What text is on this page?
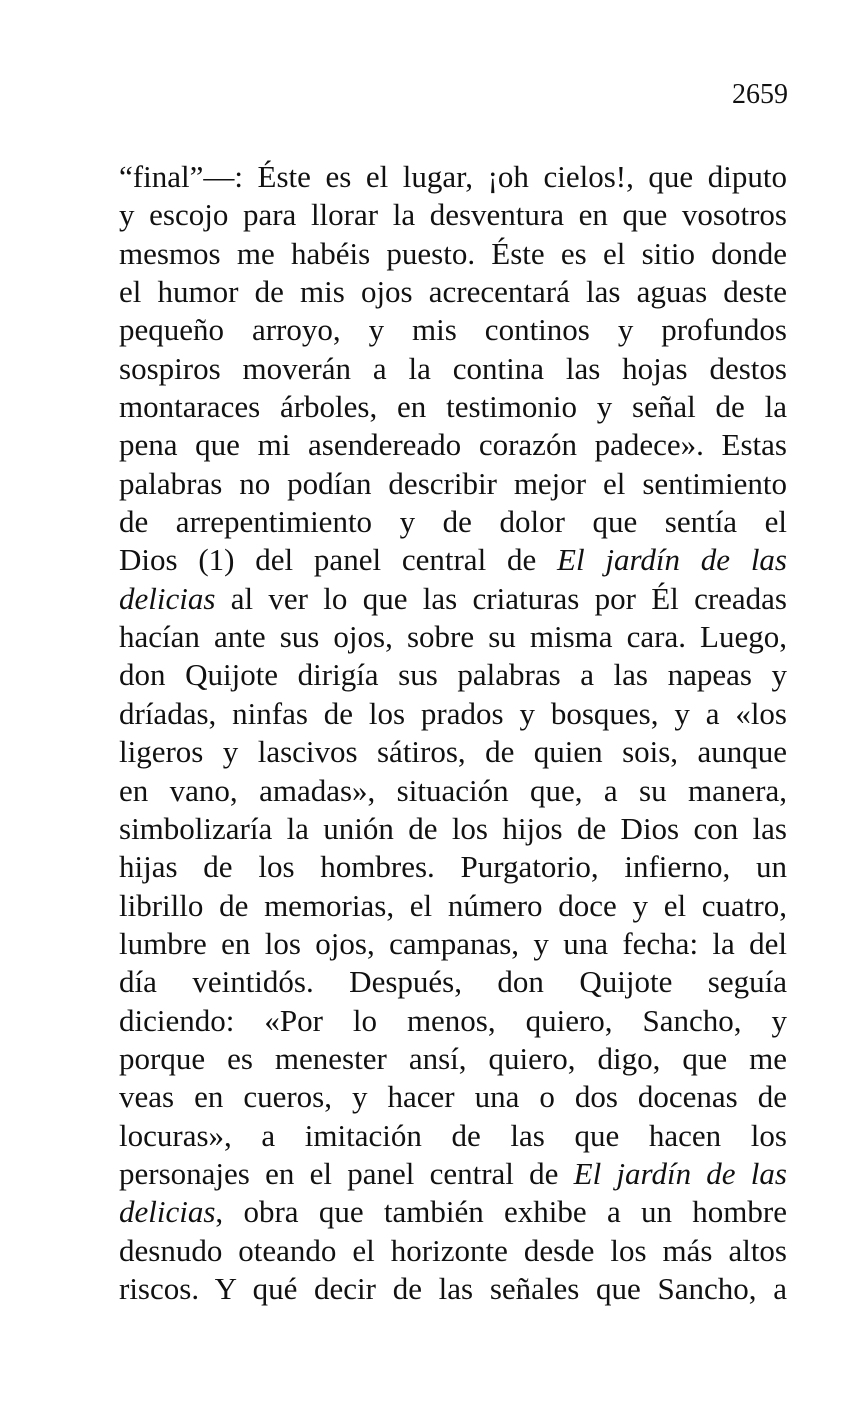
2659
“final”—: Éste es el lugar, ¡oh cielos!, que diputo
y escojo para llorar la desventura en que vosotros
mesmos me habéis puesto. Éste es el sitio donde
el humor de mis ojos acrecentará las aguas deste
pequeño arroyo, y mis continos y profundos
sospiros moverán a la contina las hojas destos
montaraces árboles, en testimonio y señal de la
pena que mi asendereado corazón padece». Estas
palabras no podían describir mejor el sentimiento
de arrepentimiento y de dolor que sentía el
Dios (1) del panel central de El jardín de las
delicias al ver lo que las criaturas por Él creadas
hacían ante sus ojos, sobre su misma cara. Luego,
don Quijote dirigía sus palabras a las napeas y
dríadas, ninfas de los prados y bosques, y a «los
ligeros y lascivos sátiros, de quien sois, aunque
en vano, amadas», situación que, a su manera,
simbolizaría la unión de los hijos de Dios con las
hijas de los hombres. Purgatorio, infierno, un
librillo de memorias, el número doce y el cuatro,
lumbre en los ojos, campanas, y una fecha: la del
día veintidós. Después, don Quijote seguía
diciendo: «Por lo menos, quiero, Sancho, y
porque es menester ansí, quiero, digo, que me
veas en cueros, y hacer una o dos docenas de
locuras», a imitación de las que hacen los
personajes en el panel central de El jardín de las
delicias, obra que también exhibe a un hombre
desnudo oteando el horizonte desde los más altos
riscos. Y qué decir de las señales que Sancho, a
